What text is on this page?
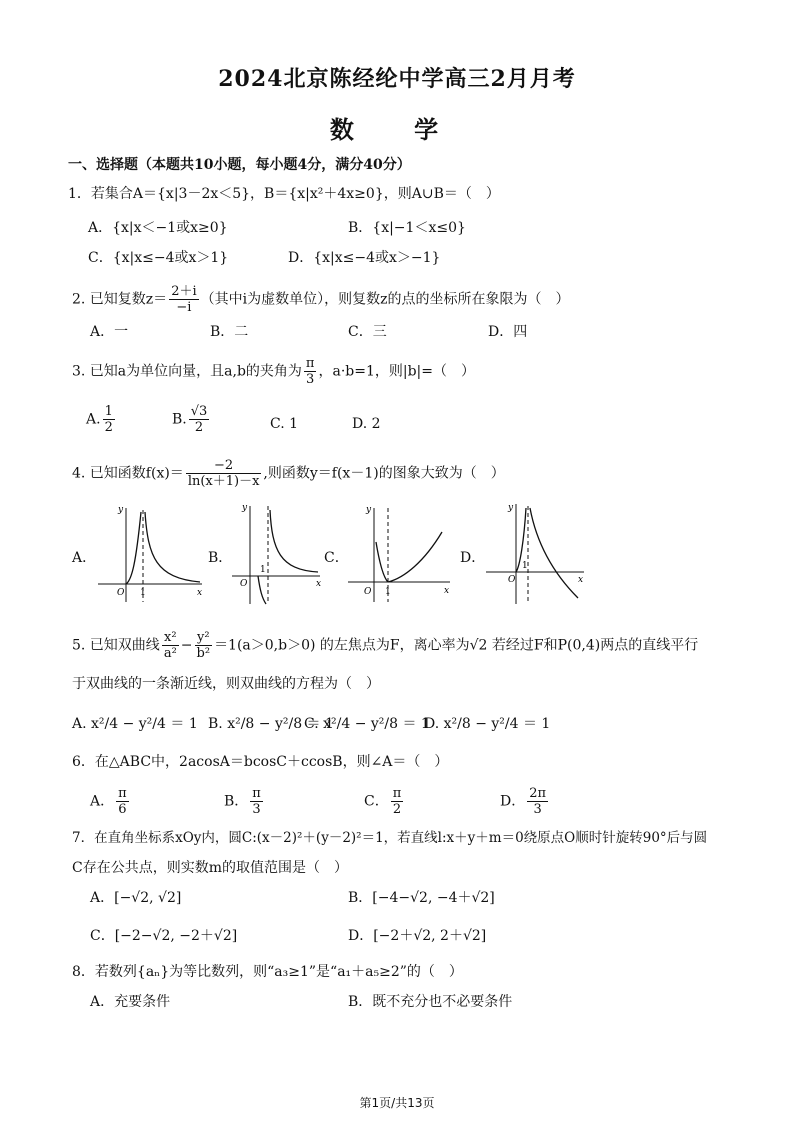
2024北京陈经纶中学高三2月月考
数 学
一、选择题（本题共10小题，每小题4分，满分40分）
1．若集合A＝{x|3－2x＜5}，B＝{x|x²＋4x≥0}，则A∪B＝（　）
A．{x|x＜−1或x≥0}	B．{x|−1＜x≤0}
C．{x|x≤−4或x＞1}	D．{x|x≤−4或x＞−1}
2. 已知复数$z= \frac{2+i}{-i}$ （其中i为虚数单位），则复数z的点的坐标所在象限为（　）
A．一	B．二	C．三	D．四
3. 已知a为单位向量，且a,b的夹角为 $\frac{\pi}{3}$ ，a·b=1，则|b|=（　）
A. $\frac{1}{2}$	B. $\frac{√3}{2}$	C. 1	D. 2
4. 已知函数$f(x)= \frac{-2}{\ln(x+1)-x}$ ,则函数y＝f(x－1)的图象大致为（　）
A．	B．	C．	D．
y
x
O 1
y
x
O
1
y
x
O 1
y
x
O
1
5. 已知双曲线 $\frac{\text{x²}}{\text{a²}} - \frac{\text{y²}}{\text{b²}} =1(a>0,b>0)$ 的左焦点为F，离心率为√2 若经过F和P(0,4)两点的直线平行
于双曲线的一条渐近线，则双曲线的方程为（　）
A. x²/4 − y²/4 ＝ 1 B. x²/8 − y²/8 ＝ 1
C. x²/4 − y²/8 ＝ 1
D. x²/8 − y²/4 ＝ 1
6．在△ABC中，2acosA＝bcosC＋ccosB，则∠A＝（　）
A． $\frac{\pi}{6}$	B． $\frac{\pi}{3}$	C． $\frac{\pi}{2}$	D． $\frac{2\pi}{3}$
7．在直角坐标系xOy内，圆C:(x－2)²＋(y－2)²＝1，若直线l:x＋y＋m＝0绕原点O顺时针旋转90°后与圆
C存在公共点，则实数m的取值范围是（　）
A．[−√2, √2]	B．[−4−√2, −4＋√2]
C．[−2−√2, −2＋√2]	D．[−2＋√2, 2＋√2]
8．若数列{aₙ}为等比数列，则“a₃≥1”是“a₁＋a₅≥2”的（　）
A．充要条件	B．既不充分也不必要条件
第1页/共13页
